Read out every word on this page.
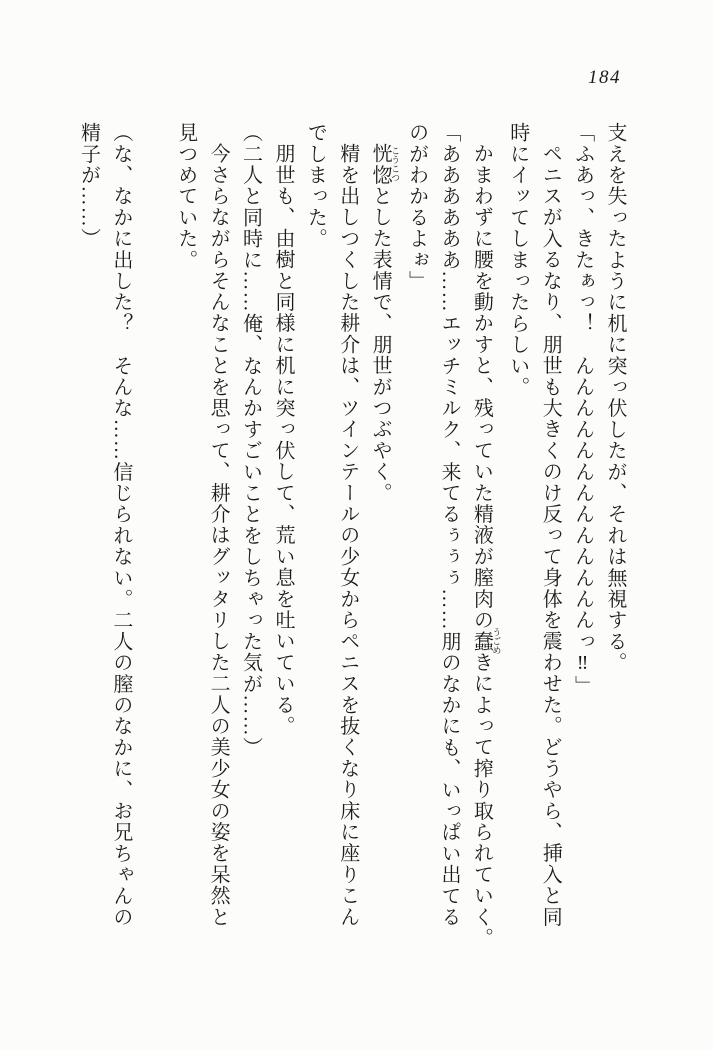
184
支えを失ったように机に突っ伏したが、それは無視する。
「ふあっ、きたぁっ！　んんんんんんんんんんんんんっ‼」
ペニスが入るなり、朋世も大きくのけ反って身体を震わせた。どうやら、挿入と同
時にイッてしまったらしい。
かまわずに腰を動かすと、残っていた精液が膣肉の蠢 うごめきによって搾り取られていく。
「ああああああ……エッチミルク、来てるぅぅぅ……朋のなかにも、いっぱい出てる
のがわかるよぉ」
恍惚 こうこつとした表情で、朋世がつぶやく。
精を出しつくした耕介は、ツインテールの少女からペニスを抜くなり床に座りこん
でしまった。
朋世も、由樹と同様に机に突っ伏して、荒い息を吐いている。
（二人と同時に……俺、なんかすごいことをしちゃった気が……）
今さらながらそんなことを思って、耕介はグッタリした二人の美少女の姿を呆然と
見つめていた。

（な、なかに出した？　そんな……信じられない。二人の膣のなかに、お兄ちゃんの
精子が……）
